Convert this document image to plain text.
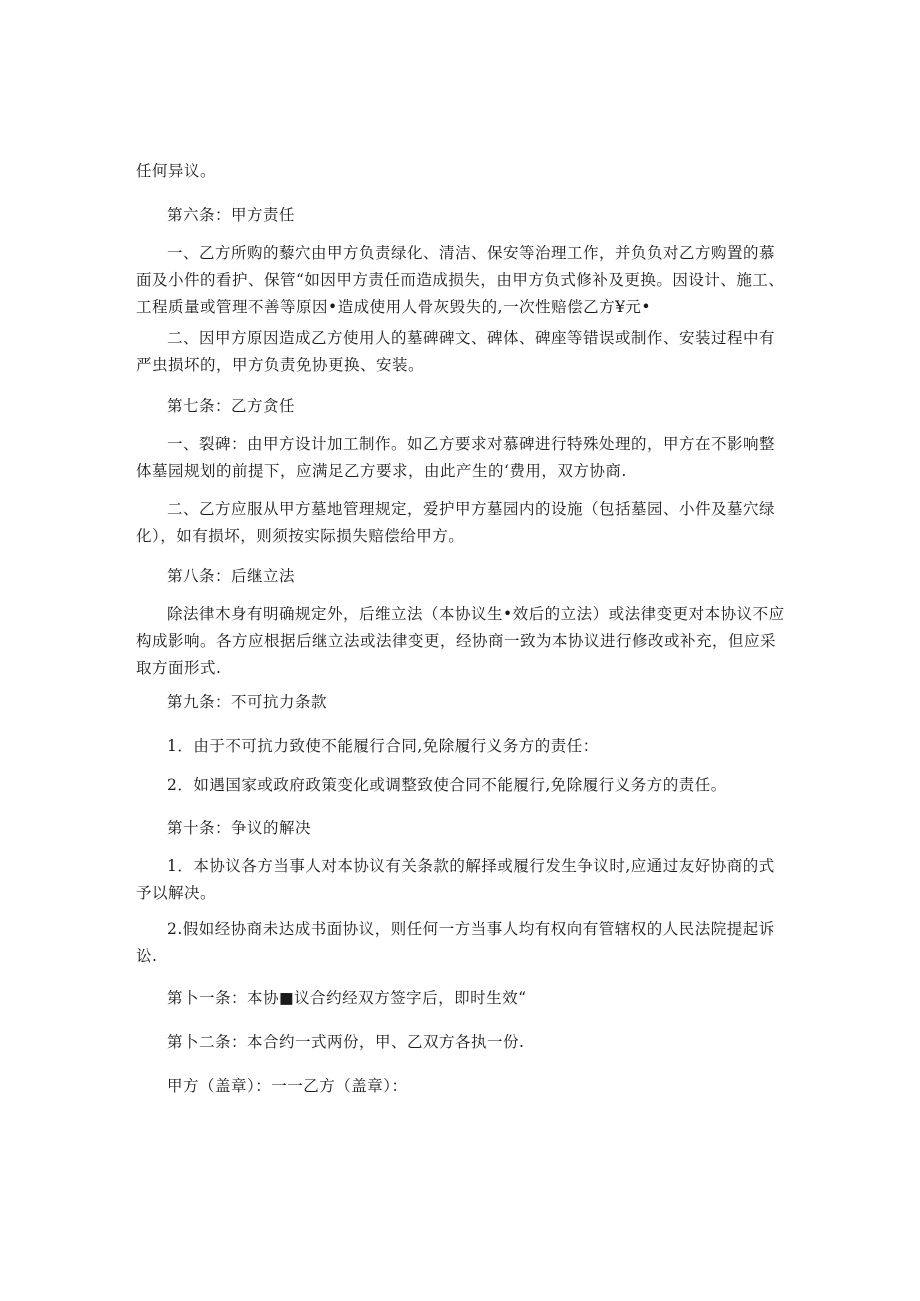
任何异议。

第六条：甲方责任

一、乙方所购的藜穴由甲方负责绿化、清洁、保安等治理工作，并负负对乙方购置的慕面及小件的看护、保管“如因甲方责任而造成损失，由甲方负式修补及更换。因设计、施工、工程质量或管理不善等原因•造成使用人骨灰毁失的,一次性赔偿乙方¥元•

二、因甲方原因造成乙方使用人的墓碑碑文、碑体、碑座等错误或制作、安装过程中有严虫损坏的，甲方负责免协更换、安装。

第七条：乙方贪任

一、裂碑：由甲方设计加工制作。如乙方要求对慕碑进行特殊处理的，甲方在不影响整体墓园规划的前提下，应满足乙方要求，由此产生的‘费用，双方协商.

二、乙方应服从甲方墓地管理规定，爱护甲方墓园内的设施（包括墓园、小件及墓穴绿化），如有损坏，则须按实际损失赔偿给甲方。

第八条：后继立法

除法律木身有明确规定外，后维立法（本协议生•效后的立法）或法律变更对本协议不应构成影响。各方应根据后继立法或法律变更，经协商一致为本协议进行修改或补充，但应采取方面形式.

第九条：不可抗力条款

1．由于不可抗力致使不能履行合同,免除履行义务方的责任：

2．如遇国家或政府政策变化或调整致使合同不能履行,免除履行义务方的责任。

第十条：争议的解决

1．本协议各方当事人对本协议有关条款的解择或履行发生争议时,应通过友好协商的式予以解决。

2.假如经协商未达成书面协议，则任何一方当事人均有权向有管辖权的人民法院提起诉讼.

第卜一条：本协■议合约经双方签字后，即时生效“

第卜二条：本合约一式两份，甲、乙双方各执一份.

甲方（盖章）：一一乙方（盖章）：
